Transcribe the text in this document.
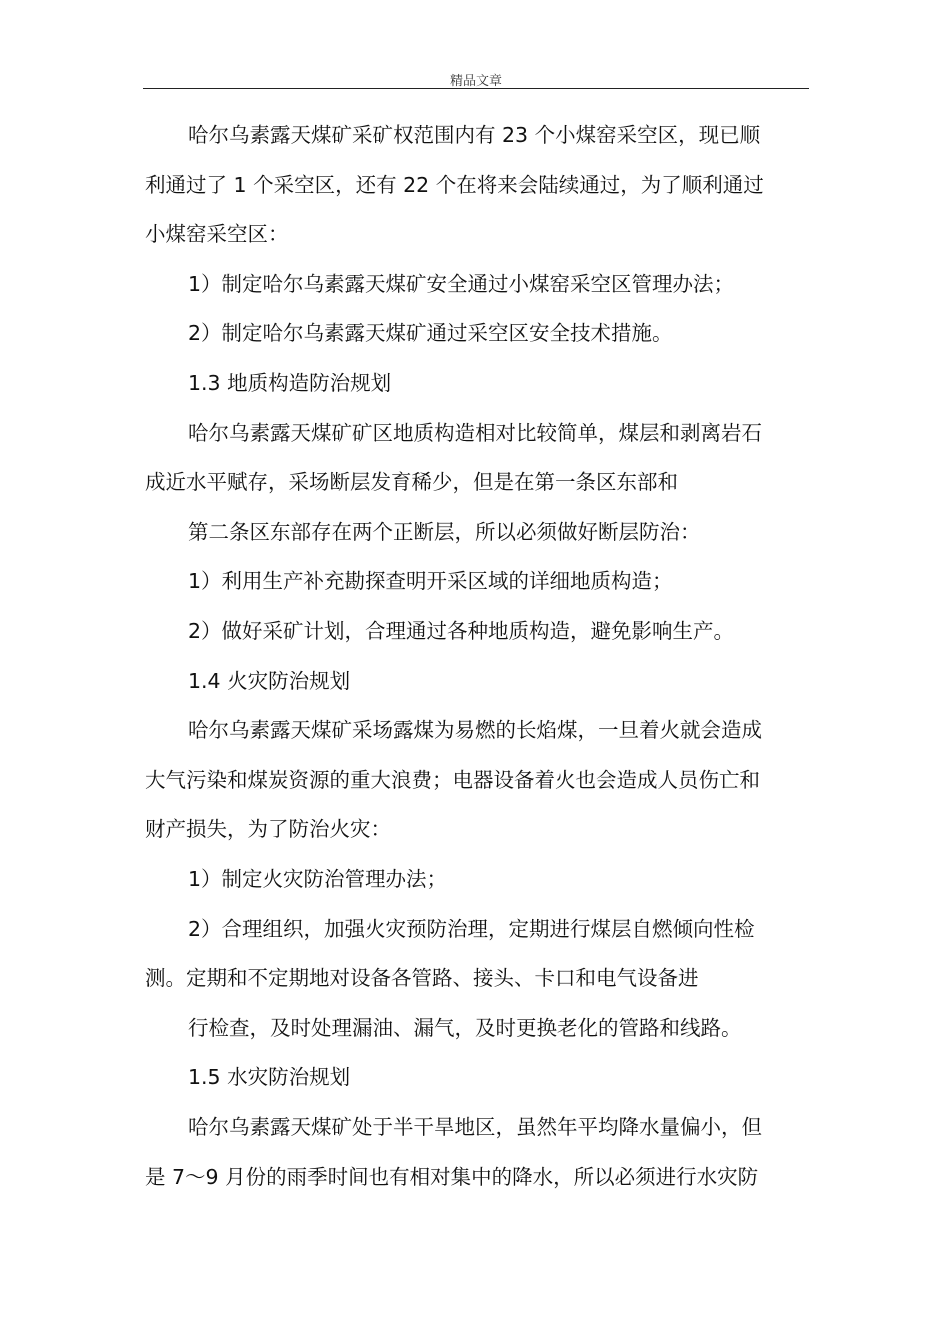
精品文章
哈尔乌素露天煤矿采矿权范围内有 23 个小煤窑采空区，现已顺
利通过了 1 个采空区，还有 22 个在将来会陆续通过，为了顺利通过
小煤窑采空区：
1）制定哈尔乌素露天煤矿安全通过小煤窑采空区管理办法；
2）制定哈尔乌素露天煤矿通过采空区安全技术措施。
1.3 地质构造防治规划
哈尔乌素露天煤矿矿区地质构造相对比较简单，煤层和剥离岩石
成近水平赋存，采场断层发育稀少，但是在第一条区东部和
第二条区东部存在两个正断层，所以必须做好断层防治：
1）利用生产补充勘探查明开采区域的详细地质构造；
2）做好采矿计划，合理通过各种地质构造，避免影响生产。
1.4 火灾防治规划
哈尔乌素露天煤矿采场露煤为易燃的长焰煤，一旦着火就会造成
大气污染和煤炭资源的重大浪费；电器设备着火也会造成人员伤亡和
财产损失，为了防治火灾：
1）制定火灾防治管理办法；
2）合理组织，加强火灾预防治理，定期进行煤层自燃倾向性检
测。定期和不定期地对设备各管路、接头、卡口和电气设备进
行检查，及时处理漏油、漏气，及时更换老化的管路和线路。
1.5 水灾防治规划
哈尔乌素露天煤矿处于半干旱地区，虽然年平均降水量偏小，但
是 7～9 月份的雨季时间也有相对集中的降水，所以必须进行水灾防
